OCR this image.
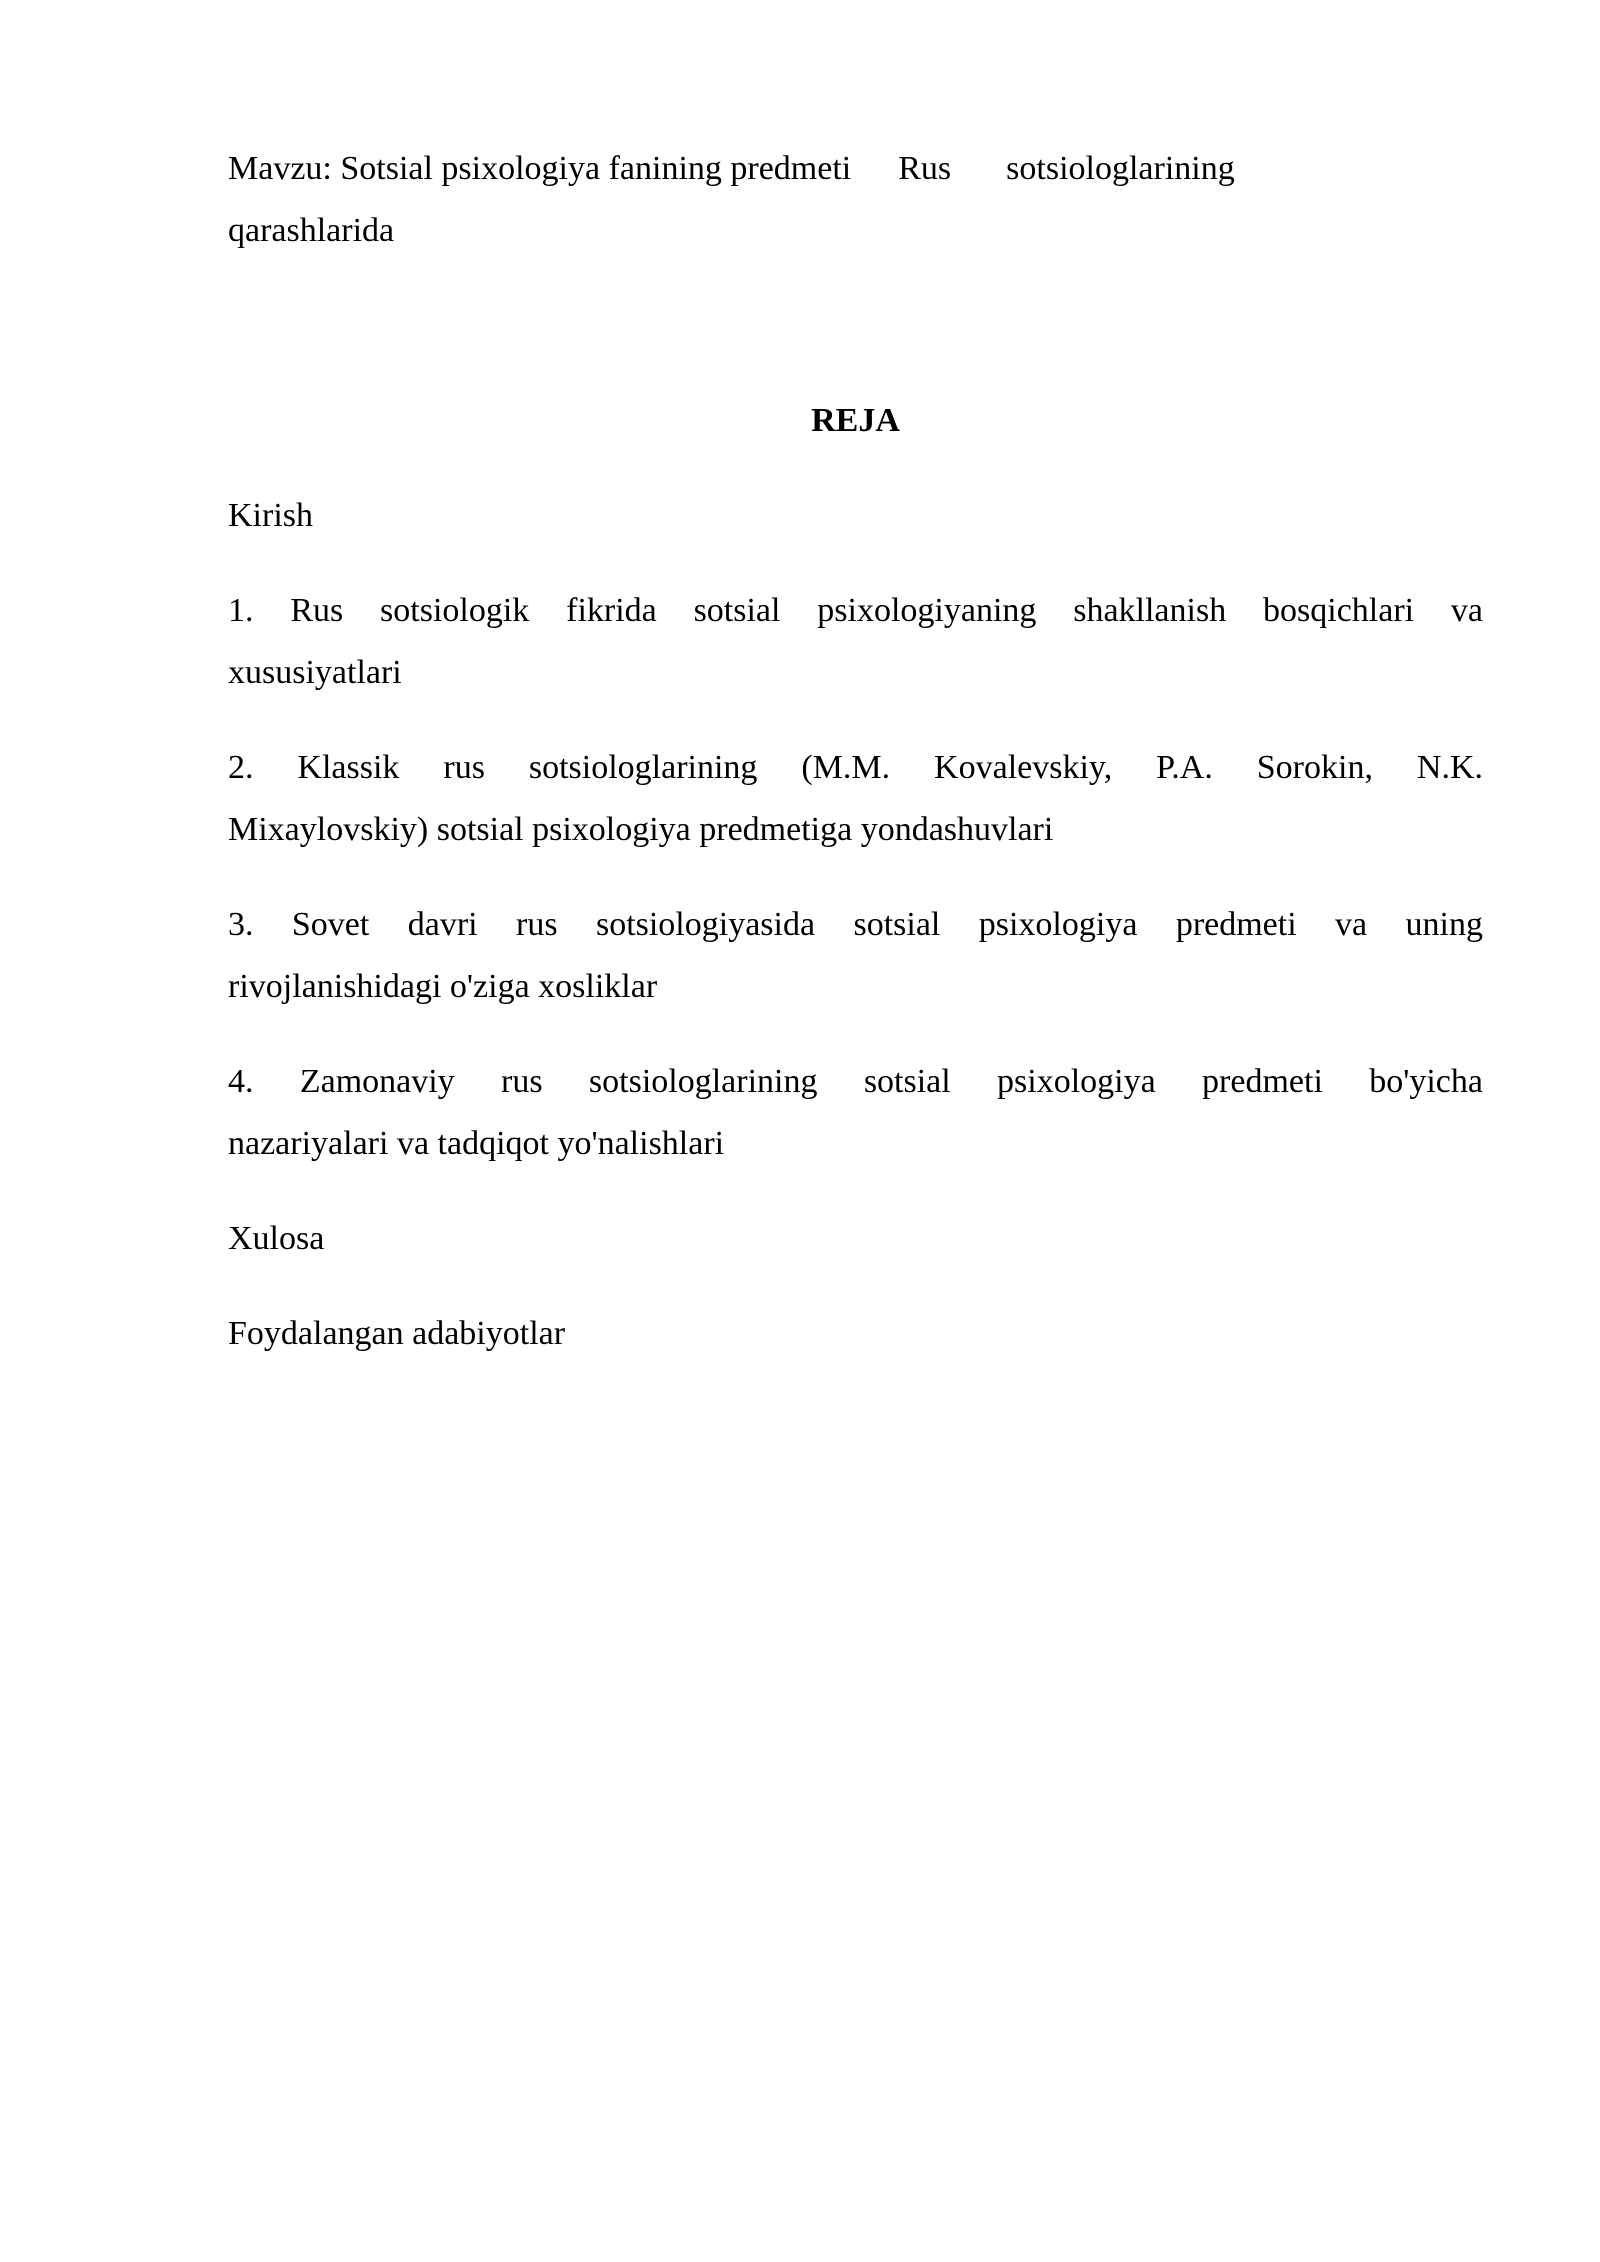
Mavzu: Sotsial psixologiya fanining predmeti Rus sotsiologlarining
qarashlarida
REJA
Kirish
1. Rus sotsiologik fikrida sotsial psixologiyaning shakllanish bosqichlari va
xususiyatlari
2. Klassik rus sotsiologlarining (M.M. Kovalevskiy, P.A. Sorokin, N.K.
Mixaylovskiy) sotsial psixologiya predmetiga yondashuvlari
3. Sovet davri rus sotsiologiyasida sotsial psixologiya predmeti va uning
rivojlanishidagi o'ziga xosliklar
4. Zamonaviy rus sotsiologlarining sotsial psixologiya predmeti bo'yicha
nazariyalari va tadqiqot yo'nalishlari
Xulosa
Foydalangan adabiyotlar
